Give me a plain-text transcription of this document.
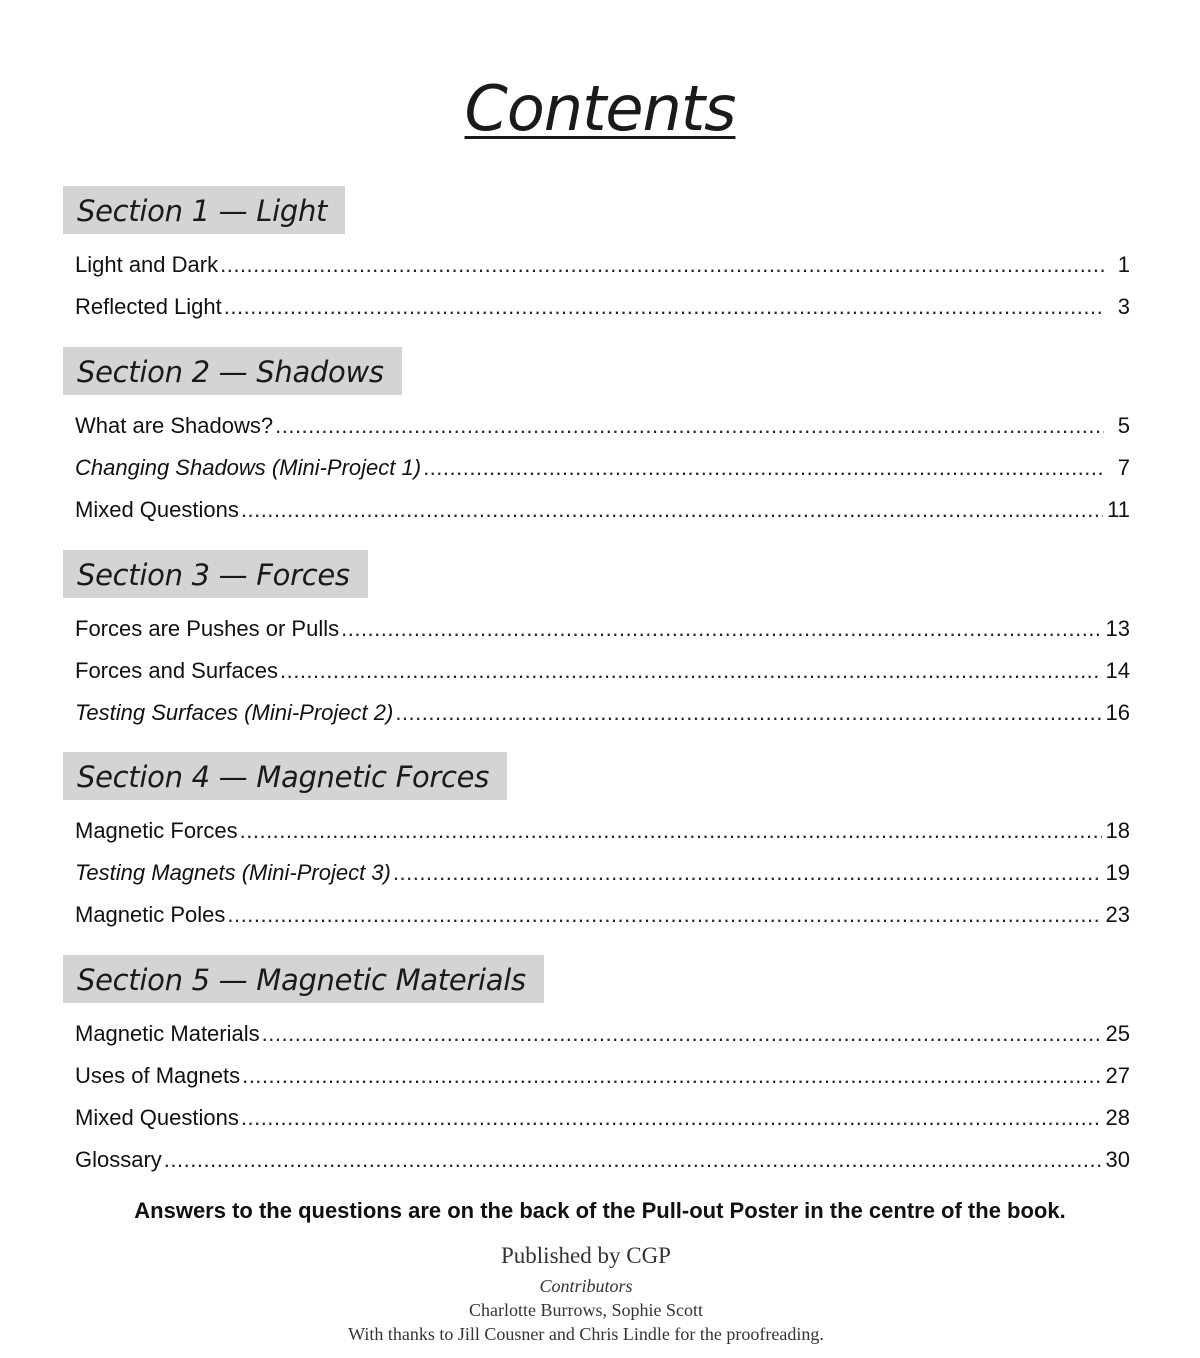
Contents
Section 1 — Light
Light and Dark .....	1
Reflected Light .....	3
Section 2 — Shadows
What are Shadows? .....	5
Changing Shadows (Mini-Project 1) .....	7
Mixed Questions .....	11
Section 3 — Forces
Forces are Pushes or Pulls .....	13
Forces and Surfaces .....	14
Testing Surfaces (Mini-Project 2) .....	16
Section 4 — Magnetic Forces
Magnetic Forces .....	18
Testing Magnets (Mini-Project 3) .....	19
Magnetic Poles .....	23
Section 5 — Magnetic Materials
Magnetic Materials .....	25
Uses of Magnets .....	27
Mixed Questions .....	28
Glossary .....	30
Answers to the questions are on the back of the Pull-out Poster in the centre of the book.
Published by CGP
Contributors
Charlotte Burrows, Sophie Scott
With thanks to Jill Cousner and Chris Lindle for the proofreading.
